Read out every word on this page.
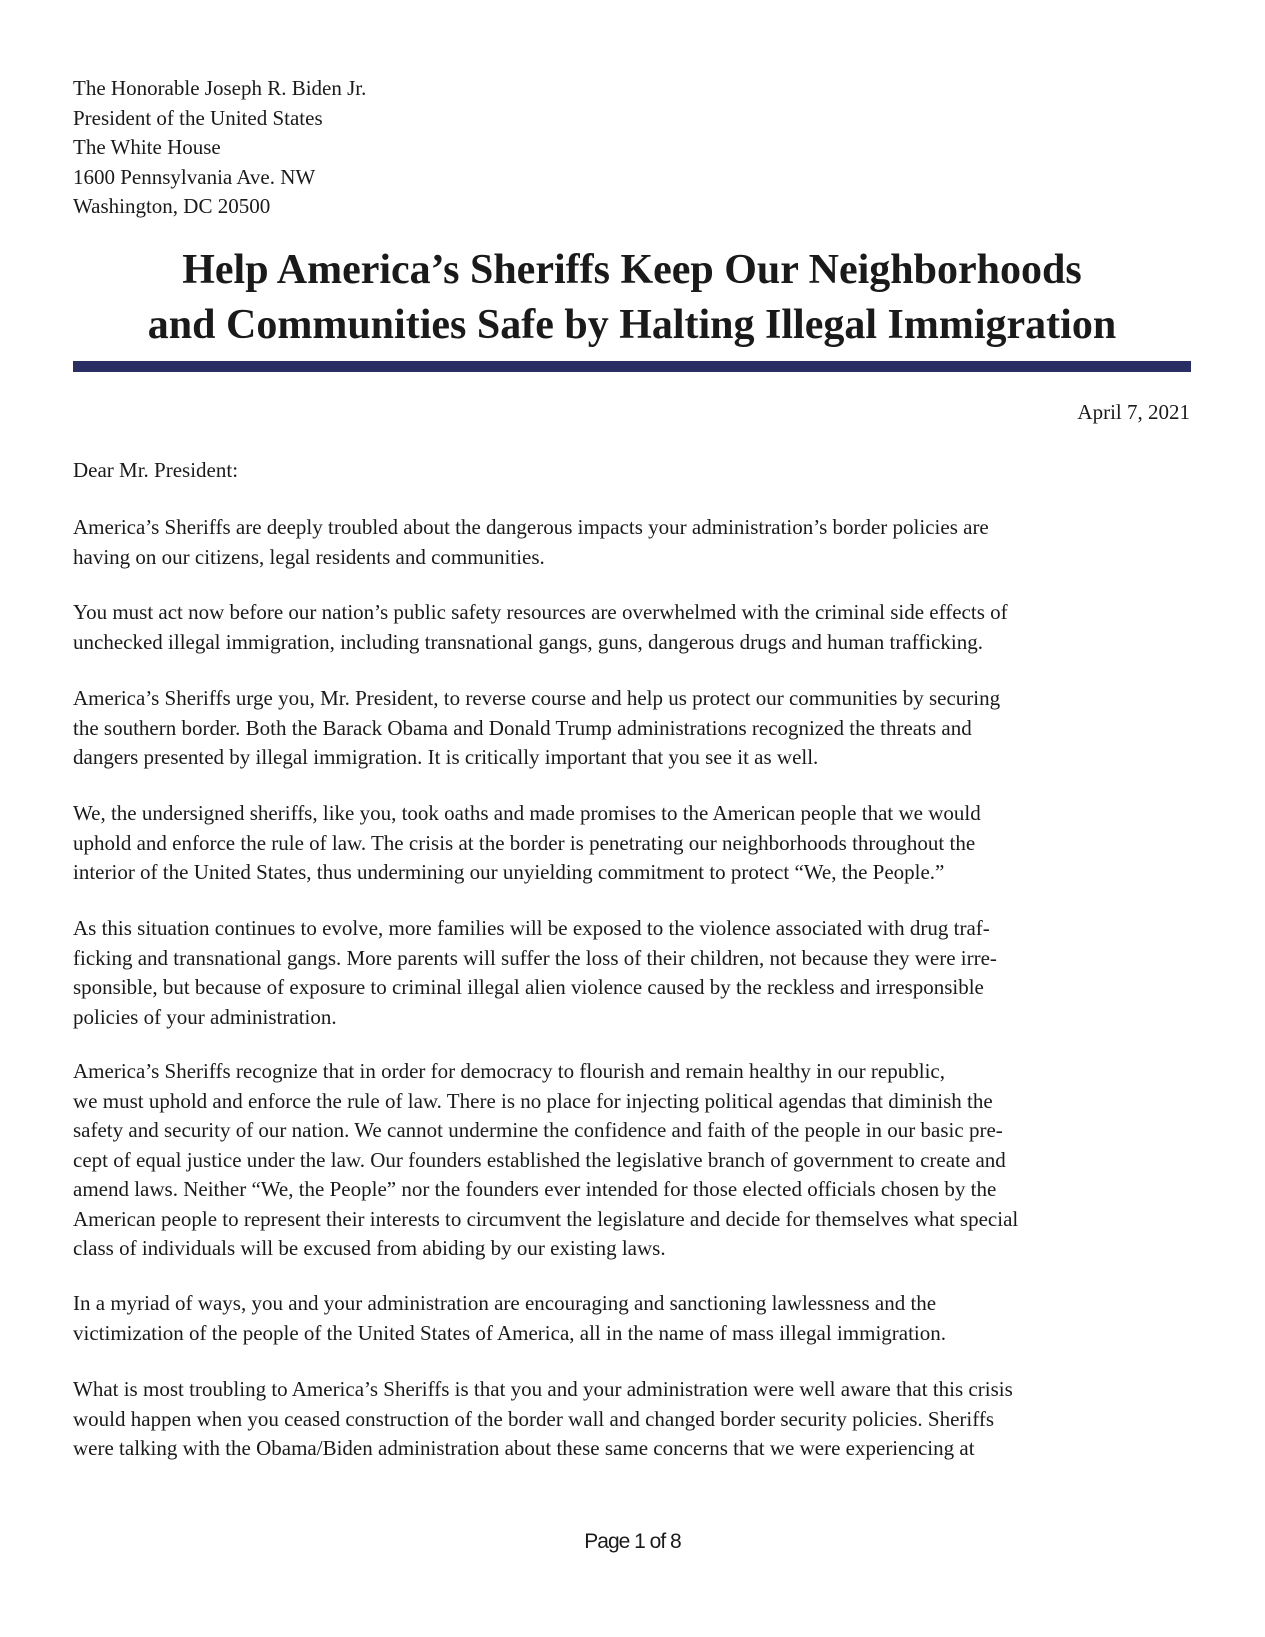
The Honorable Joseph R. Biden Jr.
President of the United States
The White House
1600 Pennsylvania Ave. NW
Washington, DC 20500
Help America’s Sheriffs Keep Our Neighborhoods
and Communities Safe by Halting Illegal Immigration
April 7, 2021
Dear Mr. President:
America’s Sheriffs are deeply troubled about the dangerous impacts your administration’s border policies are
having on our citizens, legal residents and communities.
You must act now before our nation’s public safety resources are overwhelmed with the criminal side effects of
unchecked illegal immigration, including transnational gangs, guns, dangerous drugs and human trafficking.
America’s Sheriffs urge you, Mr. President, to reverse course and help us protect our communities by securing
the southern border. Both the Barack Obama and Donald Trump administrations recognized the threats and
dangers presented by illegal immigration. It is critically important that you see it as well.
We, the undersigned sheriffs, like you, took oaths and made promises to the American people that we would
uphold and enforce the rule of law. The crisis at the border is penetrating our neighborhoods throughout the
interior of the United States, thus undermining our unyielding commitment to protect “We, the People.”
As this situation continues to evolve, more families will be exposed to the violence associated with drug traf-
ficking and transnational gangs. More parents will suffer the loss of their children, not because they were irre-
sponsible, but because of exposure to criminal illegal alien violence caused by the reckless and irresponsible
policies of your administration.
America’s Sheriffs recognize that in order for democracy to flourish and remain healthy in our republic,
we must uphold and enforce the rule of law. There is no place for injecting political agendas that diminish the
safety and security of our nation. We cannot undermine the confidence and faith of the people in our basic pre-
cept of equal justice under the law. Our founders established the legislative branch of government to create and
amend laws. Neither “We, the People” nor the founders ever intended for those elected officials chosen by the
American people to represent their interests to circumvent the legislature and decide for themselves what special
class of individuals will be excused from abiding by our existing laws.
In a myriad of ways, you and your administration are encouraging and sanctioning lawlessness and the
victimization of the people of the United States of America, all in the name of mass illegal immigration.
What is most troubling to America’s Sheriffs is that you and your administration were well aware that this crisis
would happen when you ceased construction of the border wall and changed border security policies. Sheriffs
were talking with the Obama/Biden administration about these same concerns that we were experiencing at
Page 1 of 8
